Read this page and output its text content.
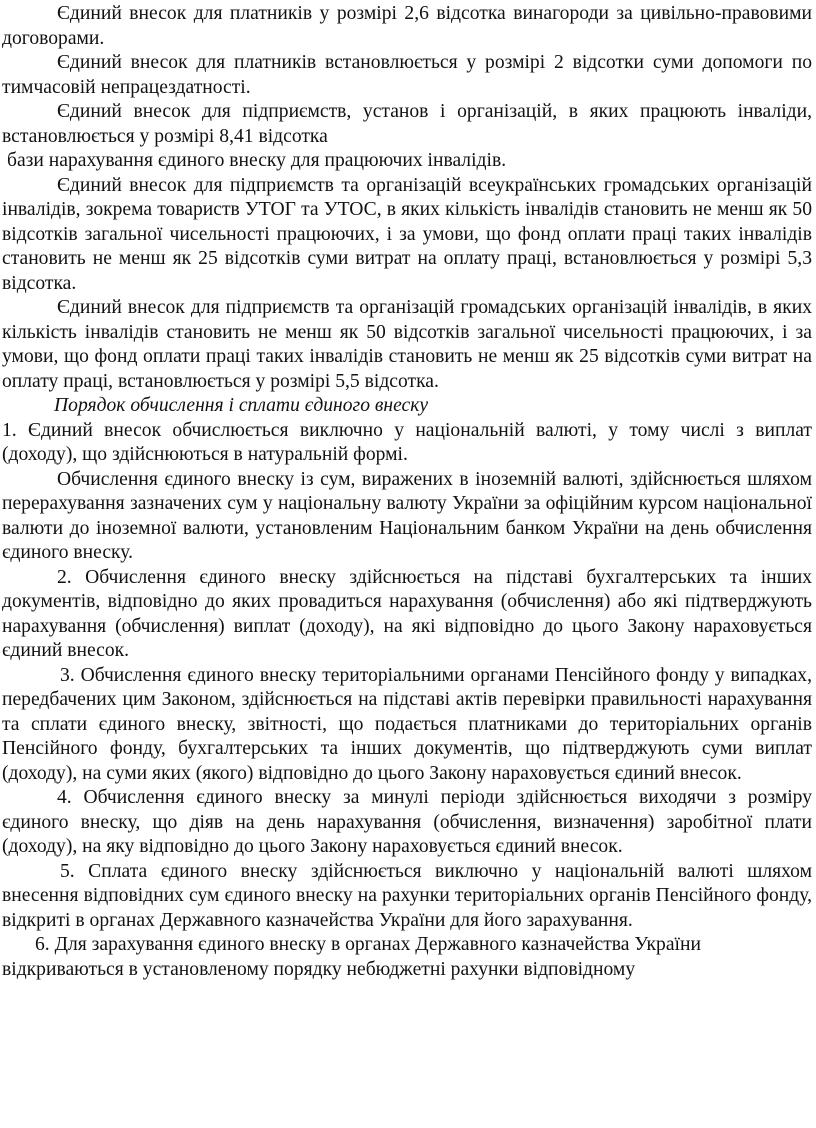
Єдиний внесок для платників у розмірі 2,6 відсотка винагороди за цивільно-правовими договорами.

Єдиний внесок для платників встановлюється у розмірі 2 відсотки суми допомоги по тимчасовій непрацездатності.

Єдиний внесок для підприємств, установ і організацій, в яких працюють інваліди, встановлюється у розмірі 8,41 відсотка

бази нарахування єдиного внеску для працюючих інвалідів.

Єдиний внесок для підприємств та організацій всеукраїнських громадських організацій інвалідів, зокрема товариств УТОГ та УТОС, в яких кількість інвалідів становить не менш як 50 відсотків загальної чисельності працюючих, і за умови, що фонд оплати праці таких інвалідів становить не менш як 25 відсотків суми витрат на оплату праці, встановлюється у розмірі 5,3 відсотка.

Єдиний внесок для підприємств та організацій громадських організацій інвалідів, в яких кількість інвалідів становить не менш як 50 відсотків загальної чисельності працюючих, і за умови, що фонд оплати праці таких інвалідів становить не менш як 25 відсотків суми витрат на оплату праці, встановлюється у розмірі 5,5 відсотка.

Порядок обчислення і сплати єдиного внеску

1. Єдиний внесок обчислюється виключно у національній валюті, у тому числі з виплат (доходу), що здійснюються в натуральній формі.

Обчислення єдиного внеску із сум, виражених в іноземній валюті, здійснюється шляхом перерахування зазначених сум у національну валюту України за офіційним курсом національної валюти до іноземної валюти, установленим Національним банком України на день обчислення єдиного внеску.

2. Обчислення єдиного внеску здійснюється на підставі бухгалтерських та інших документів, відповідно до яких провадиться нарахування (обчислення) або які підтверджують нарахування (обчислення) виплат (доходу), на які відповідно до цього Закону нараховується єдиний внесок.

3. Обчислення єдиного внеску територіальними органами Пенсійного фонду у випадках, передбачених цим Законом, здійснюється на підставі актів перевірки правильності нарахування та сплати єдиного внеску, звітності, що подається платниками до територіальних органів Пенсійного фонду, бухгалтерських та інших документів, що підтверджують суми виплат (доходу), на суми яких (якого) відповідно до цього Закону нараховується єдиний внесок.

4. Обчислення єдиного внеску за минулі періоди здійснюється виходячи з розміру єдиного внеску, що діяв на день нарахування (обчислення, визначення) заробітної плати (доходу), на яку відповідно до цього Закону нараховується єдиний внесок.

5. Сплата єдиного внеску здійснюється виключно у національній валюті шляхом внесення відповідних сум єдиного внеску на рахунки територіальних органів Пенсійного фонду, відкриті в органах Державного казначейства України для його зарахування.

6. Для зарахування єдиного внеску в органах Державного казначейства України відкриваються в установленому порядку небюджетні рахунки відповідному
